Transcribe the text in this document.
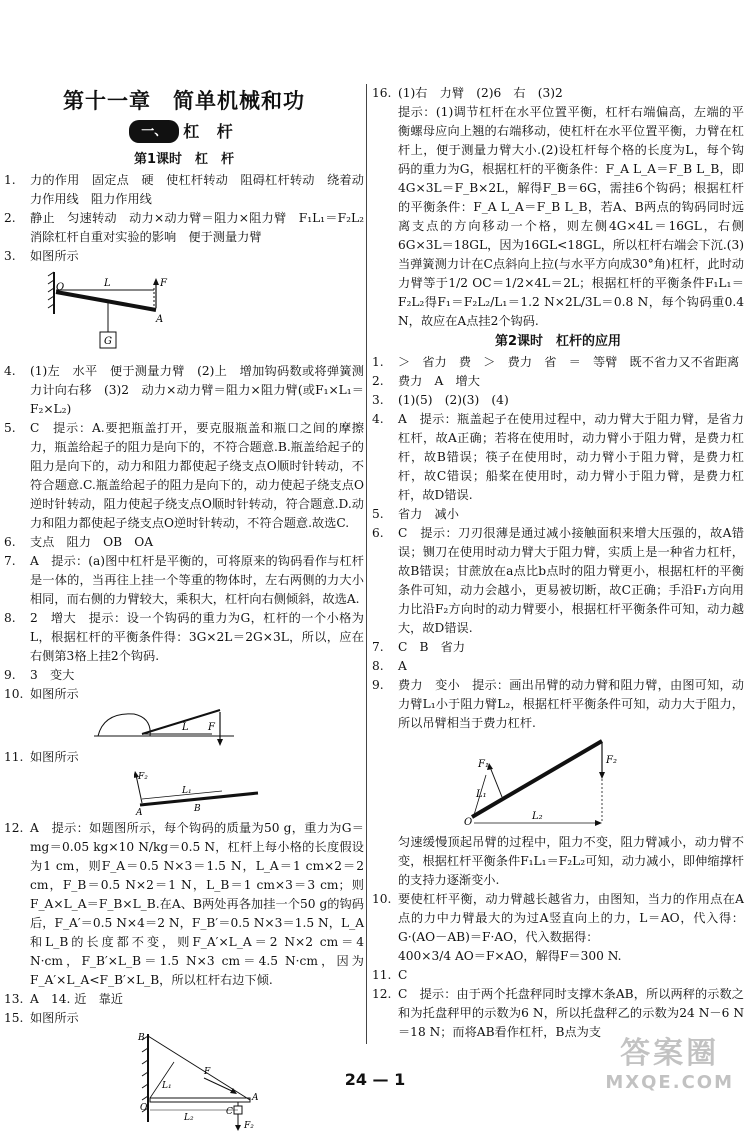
第十一章　简单机械和功
一、 杠 杆
第1课时　杠　杆
1.	力的作用　固定点　硬　使杠杆转动　阻碍杠杆转动　绕着动力作用线　阻力作用线
2.	静止　匀速转动　动力×动力臂＝阻力×阻力臂　F₁L₁＝F₂L₂　消除杠杆自重对实验的影响　便于测量力臂
3.	如图所示
O	L	F
A
G
4.	(1)左　水平　便于测量力臂　(2)上　增加钩码数或将弹簧测力计向右移　(3)2　动力×动力臂＝阻力×阻力臂(或F₁×L₁＝F₂×L₂)
5.	C　提示：A.要把瓶盖打开，要克服瓶盖和瓶口之间的摩擦力，瓶盖给起子的阻力是向下的，不符合题意.B.瓶盖给起子的阻力是向下的，动力和阻力都使起子绕支点O顺时针转动，不符合题意.C.瓶盖给起子的阻力是向下的，动力使起子绕支点O逆时针转动，阻力使起子绕支点O顺时针转动，符合题意.D.动力和阻力都使起子绕支点O逆时针转动，不符合题意.故选C.
6.	支点　阻力　OB　OA
7.	A　提示：(a)图中杠杆是平衡的，可将原来的钩码看作与杠杆是一体的，当再往上挂一个等重的物体时，左右两侧的力大小相同，而右侧的力臂较大，乘积大，杠杆向右侧倾斜，故选A.
8.	2　增大　提示：设一个钩码的重力为G，杠杆的一个小格为L，根据杠杆的平衡条件得：3G×2L＝2G×3L，所以，应在右侧第3格上挂2个钩码.
9.	3　变大
10. 如图所示
L F
11. 如图所示
F₂
L₁
A	B
12. A　提示：如题图所示，每个钩码的质量为50 g，重力为G＝mg＝0.05 kg×10 N/kg＝0.5 N，杠杆上每小格的长度假设为1 cm，则F_A＝0.5 N×3＝1.5 N，L_A＝1 cm×2＝2 cm，F_B＝0.5 N×2＝1 N，L_B＝1 cm×3＝3 cm；则F_A×L_A＝F_B×L_B.在A、B两处再各加挂一个50 g的钩码后，F_A′＝0.5 N×4＝2 N，F_B′＝0.5 N×3＝1.5 N，L_A和L_B的长度都不变，则F_A′×L_A＝2 N×2 cm＝4 N·cm，F_B′×L_B＝1.5 N×3 cm＝4.5 N·cm，因为F_A′×L_A<F_B′×L_B，所以杠杆右边下倾.
13. A　14. 近　靠近
15. 如图所示
B
L₁
F
O
L₂
A
C
F₂
16. (1)右　力臂　(2)6　右　(3)2
提示：(1)调节杠杆在水平位置平衡，杠杆右端偏高，左端的平衡螺母应向上翘的右端移动，使杠杆在水平位置平衡，力臂在杠杆上，便于测量力臂大小.(2)设杠杆每个格的长度为L，每个钩码的重力为G，根据杠杆的平衡条件：F_A L_A＝F_B L_B，即4G×3L＝F_B×2L，解得F_B＝6G，需挂6个钩码；根据杠杆的平衡条件：F_A L_A＝F_B L_B，若A、B两点的钩码同时远离支点的方向移动一个格，则左侧4G×4L＝16GL，右侧6G×3L＝18GL，因为16GL<18GL，所以杠杆右端会下沉.(3)当弹簧测力计在C点斜向上拉(与水平方向成30°角)杠杆，此时动力臂等于1/2 OC＝1/2×4L＝2L；根据杠杆的平衡条件F₁L₁＝F₂L₂得F₁＝F₂L₂/L₁＝1.2 N×2L/3L＝0.8 N，每个钩码重0.4 N，故应在A点挂2个钩码.
第2课时　杠杆的应用
1.	＞　省力　费　＞　费力　省　＝　等臂　既不省力又不省距离
2.	费力　A　增大
3.	(1)(5)　(2)(3)　(4)
4.	A　提示：瓶盖起子在使用过程中，动力臂大于阻力臂，是省力杠杆，故A正确；若将在使用时，动力臂小于阻力臂，是费力杠杆，故B错误；筷子在使用时，动力臂小于阻力臂，是费力杠杆，故C错误；船桨在使用时，动力臂小于阻力臂，是费力杠杆，故D错误.
5.	省力　减小
6.	C　提示：刀刃很薄是通过减小接触面积来增大压强的，故A错误；铡刀在使用时动力臂大于阻力臂，实质上是一种省力杠杆，故B错误；甘蔗放在a点比b点时的阻力臂更小，根据杠杆的平衡条件可知，动力会越小，更易被切断，故C正确；手沿F₁方向用力比沿F₂方向时的动力臂要小，根据杠杆平衡条件可知，动力越大，故D错误.
7.	C　B　省力
8.	A
9.	费力　变小　提示：画出吊臂的动力臂和阻力臂，由图可知，动力臂L₁小于阻力臂L₂，根据杠杆平衡条件可知，动力大于阻力，所以吊臂相当于费力杠杆.
F₁
L₁
F₂
O
L₂
匀速缓慢顶起吊臂的过程中，阻力不变，阻力臂减小，动力臂不变，根据杠杆平衡条件F₁L₁＝F₂L₂可知，动力减小，即伸缩撑杆的支持力逐渐变小.
10. 要使杠杆平衡，动力臂越长越省力，由图知，当力的作用点在A点的力中力臂最大的为过A竖直向上的力，L＝AO，代入得：G·(AO－AB)＝F·AO，代入数据得：
400×3/4 AO＝F×AO，解得F＝300 N.
11. C
12. C　提示：由于两个托盘秤同时支撑木条AB，所以两秤的示数之和为托盘秤甲的示数为6 N，所以托盘秤乙的示数为24 N－6 N＝18 N；而将AB看作杠杆，B点为支
24 — 1
答案圈
MXQE.COM
